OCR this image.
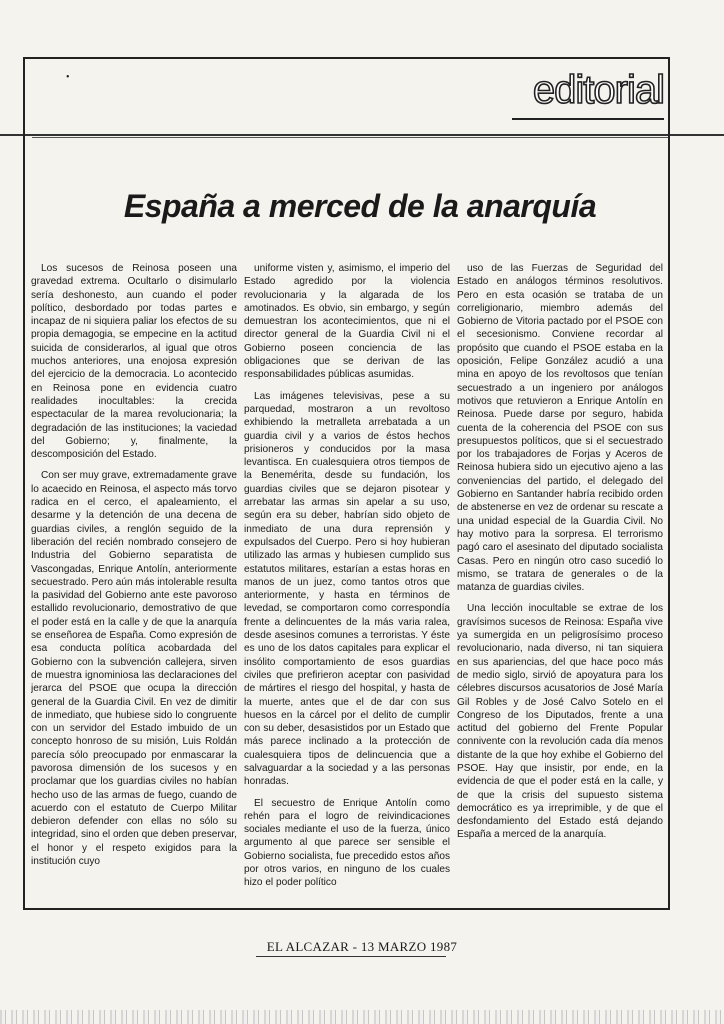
•	editorial
España a merced de la anarquía

Los sucesos de Reinosa poseen una gravedad extrema. Ocultarlo o disimularlo sería deshonesto, aun cuando el poder político, desbordado por todas partes e incapaz de ni siquiera paliar los efectos de su propia demagogia, se empecine en la actitud suicida de considerarlos, al igual que otros muchos anteriores, una enojosa expresión del ejercicio de la democracia. Lo acontecido en Reinosa pone en evidencia cuatro realidades inocultables: la crecida espectacular de la marea revolucionaria; la degradación de las instituciones; la vaciedad del Gobierno; y, finalmente, la descomposición del Estado.

Con ser muy grave, extremadamente grave lo acaecido en Reinosa, el aspecto más torvo radica en el cerco, el apaleamiento, el desarme y la detención de una decena de guardias civiles, a renglón seguido de la liberación del recién nombrado consejero de Industria del Gobierno separatista de Vascongadas, Enrique Antolín, anteriormente secuestrado. Pero aún más intolerable resulta la pasividad del Gobierno ante este pavoroso estallido revolucionario, demostrativo de que el poder está en la calle y de que la anarquía se enseñorea de España. Como expresión de esa conducta política acobardada del Gobierno con la subvención callejera, sirven de muestra ignominiosa las declaraciones del jerarca del PSOE que ocupa la dirección general de la Guardia Civil. En vez de dimitir de inmediato, que hubiese sido lo congruente con un servidor del Estado imbuido de un concepto honroso de su misión, Luis Roldán parecía sólo preocupado por enmascarar la pavorosa dimensión de los sucesos y en proclamar que los guardias civiles no habían hecho uso de las armas de fuego, cuando de acuerdo con el estatuto de Cuerpo Militar debieron defender con ellas no sólo su integridad, sino el orden que deben preservar, el honor y el respeto exigidos para la institución cuyo

uniforme visten y, asimismo, el imperio del Estado agredido por la violencia revolucionaria y la algarada de los amotinados. Es obvio, sin embargo, y según demuestran los acontecimientos, que ni el director general de la Guardia Civil ni el Gobierno poseen conciencia de las obligaciones que se derivan de las responsabilidades públicas asumidas.

Las imágenes televisivas, pese a su parquedad, mostraron a un revoltoso exhibiendo la metralleta arrebatada a un guardia civil y a varios de éstos hechos prisioneros y conducidos por la masa levantisca. En cualesquiera otros tiempos de la Benemérita, desde su fundación, los guardias civiles que se dejaron pisotear y arrebatar las armas sin apelar a su uso, según era su deber, habrían sido objeto de inmediato de una dura reprensión y expulsados del Cuerpo. Pero si hoy hubieran utilizado las armas y hubiesen cumplido sus estatutos militares, estarían a estas horas en manos de un juez, como tantos otros que anteriormente, y hasta en términos de levedad, se comportaron como correspondía frente a delincuentes de la más varia ralea, desde asesinos comunes a terroristas. Y éste es uno de los datos capitales para explicar el insólito comportamiento de esos guardias civiles que prefirieron aceptar con pasividad de mártires el riesgo del hospital, y hasta de la muerte, antes que el de dar con sus huesos en la cárcel por el delito de cumplir con su deber, desasistidos por un Estado que más parece inclinado a la protección de cualesquiera tipos de delincuencia que a salvaguardar a la sociedad y a las personas honradas.

El secuestro de Enrique Antolín como rehén para el logro de reivindicaciones sociales mediante el uso de la fuerza, único argumento al que parece ser sensible el Gobierno socialista, fue precedido estos años por otros varios, en ninguno de los cuales hizo el poder político

uso de las Fuerzas de Seguridad del Estado en análogos términos resolutivos. Pero en esta ocasión se trataba de un correligionario, miembro además del Gobierno de Vitoria pactado por el PSOE con el secesionismo. Conviene recordar al propósito que cuando el PSOE estaba en la oposición, Felipe González acudió a una mina en apoyo de los revoltosos que tenían secuestrado a un ingeniero por análogos motivos que retuvieron a Enrique Antolín en Reinosa. Puede darse por seguro, habida cuenta de la coherencia del PSOE con sus presupuestos políticos, que si el secuestrado por los trabajadores de Forjas y Aceros de Reinosa hubiera sido un ejecutivo ajeno a las conveniencias del partido, el delegado del Gobierno en Santander habría recibido orden de abstenerse en vez de ordenar su rescate a una unidad especial de la Guardia Civil. No hay motivo para la sorpresa. El terrorismo pagó caro el asesinato del diputado socialista Casas. Pero en ningún otro caso sucedió lo mismo, se tratara de generales o de la matanza de guardias civiles.

Una lección inocultable se extrae de los gravísimos sucesos de Reinosa: España vive ya sumergida en un peligrosísimo proceso revolucionario, nada diverso, ni tan siquiera en sus apariencias, del que hace poco más de medio siglo, sirvió de apoyatura para los célebres discursos acusatorios de José María Gil Robles y de José Calvo Sotelo en el Congreso de los Diputados, frente a una actitud del gobierno del Frente Popular connivente con la revolución cada día menos distante de la que hoy exhibe el Gobierno del PSOE. Hay que insistir, por ende, en la evidencia de que el poder está en la calle, y de que la crisis del supuesto sistema democrático es ya irreprimible, y de que el desfondamiento del Estado está dejando España a merced de la anarquía.

EL ALCAZAR - 13 MARZO 1987
